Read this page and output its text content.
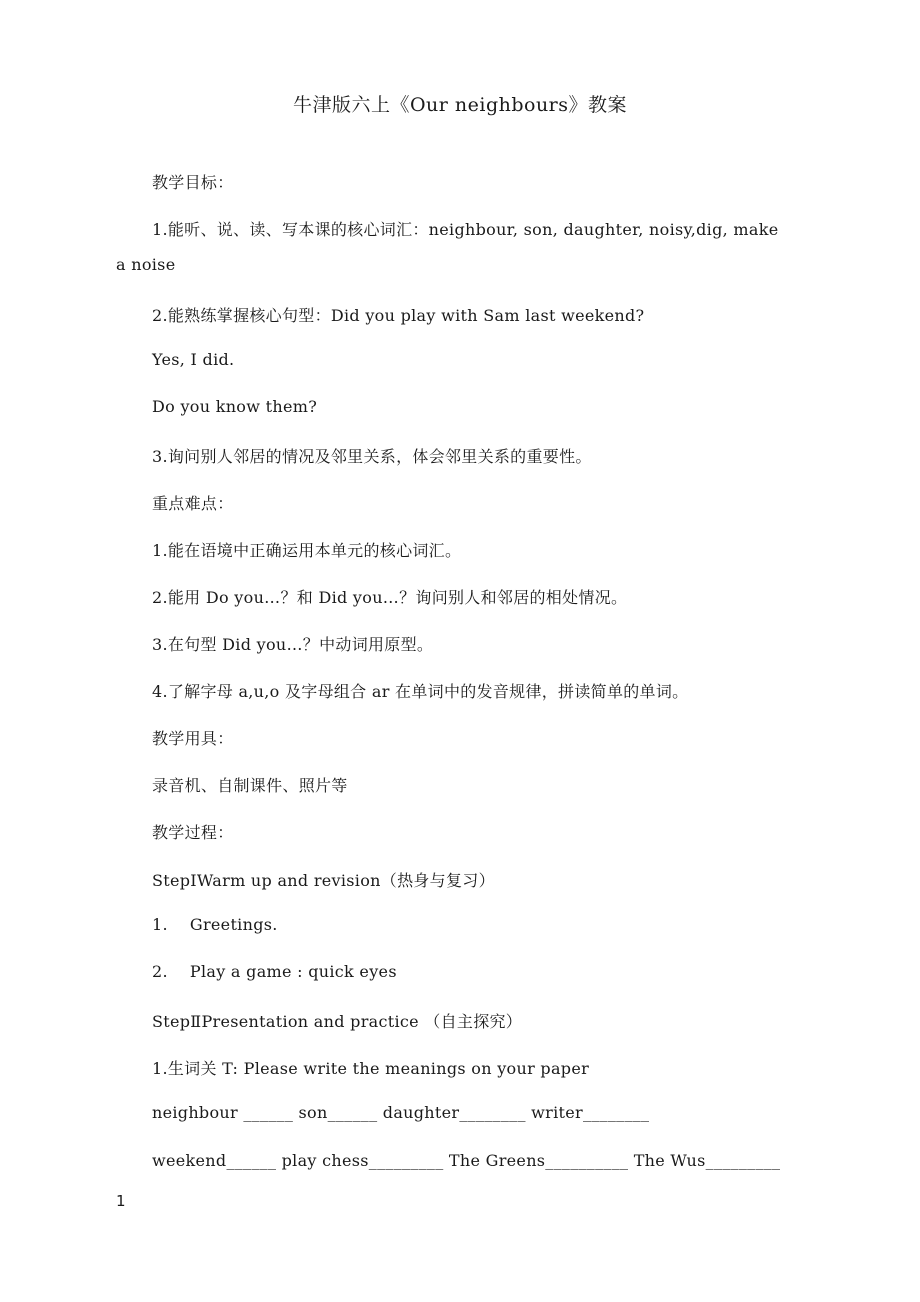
牛津版六上《Our neighbours》教案
教学目标：
1.能听、说、读、写本课的核心词汇：neighbour, son, daughter, noisy,dig, make
a noise
2.能熟练掌握核心句型：Did you play with Sam last weekend?
Yes, I did.
Do you know them?
3.询问别人邻居的情况及邻里关系，体会邻里关系的重要性。
重点难点：
1.能在语境中正确运用本单元的核心词汇。
2.能用 Do you…？和 Did you…？询问别人和邻居的相处情况。
3.在句型 Did you…？中动词用原型。
4.了解字母 a,u,o 及字母组合 ar 在单词中的发音规律，拼读简单的单词。
教学用具：
录音机、自制课件、照片等
教学过程：
StepⅠWarm up and revision（热身与复习）
1. Greetings.
2. Play a game : quick eyes
StepⅡPresentation and practice （自主探究）
1.生词关 T: Please write the meanings on your paper
neighbour ______ son______ daughter________ writer________
weekend______ play chess_________ The Greens__________ The Wus_________
1
